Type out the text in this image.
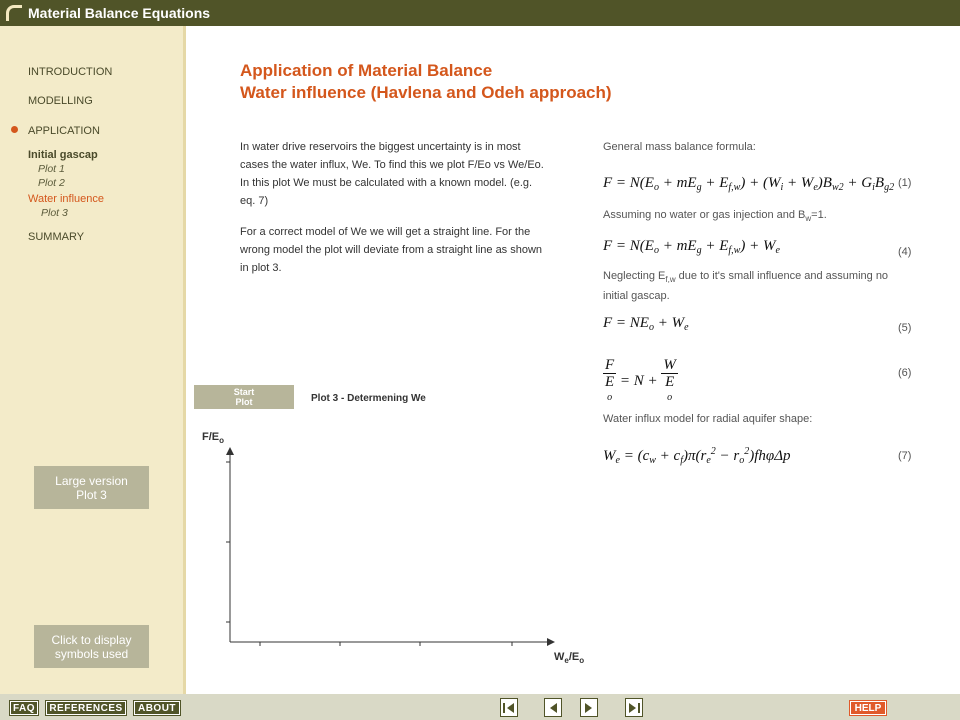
Material Balance Equations
INTRODUCTION
MODELLING
APPLICATION
Initial gascap
Plot 1
Plot 2
Water influence
Plot 3
SUMMARY
Large version
Plot 3
Click to display
symbols used
Application of Material Balance
Water influence (Havlena and Odeh approach)
In water drive reservoirs the biggest uncertainty is in most cases the water influx, We. To find this we plot F/Eo vs We/Eo. In this plot We must be calculated with a known model. (e.g. eq. 7)
For a correct model of We we will get a straight line. For the wrong model the plot will deviate from a straight line as shown in plot 3.
General mass balance formula:
$F = N(E_o + mE_g + E_{f,w}) + (W_i + W_e)B_{w2} + G_iB_{g2}$ (1)
Assuming no water or gas injection and $B_w=1$.
$F = N(E_o + mE_g + E_{f,w}) + W_e$	(4)
Neglecting $E_{f,w}$ due to it's small influence and assuming no initial gascap.
$F = NE_o + W_e$	(5)
F
E
o = N + W
E
o	(6)
Water influx model for radial aquifer shape:
$W_e = (c_w + c_f)\pi(r_e^2 - r_o^2)fh\varphi\Delta p$	(7)
Start
Plot	Plot 3 - Determening We
$F/E_o$
$W_e/E_o$
FAQ	REFERENCES	ABOUT	HELP
